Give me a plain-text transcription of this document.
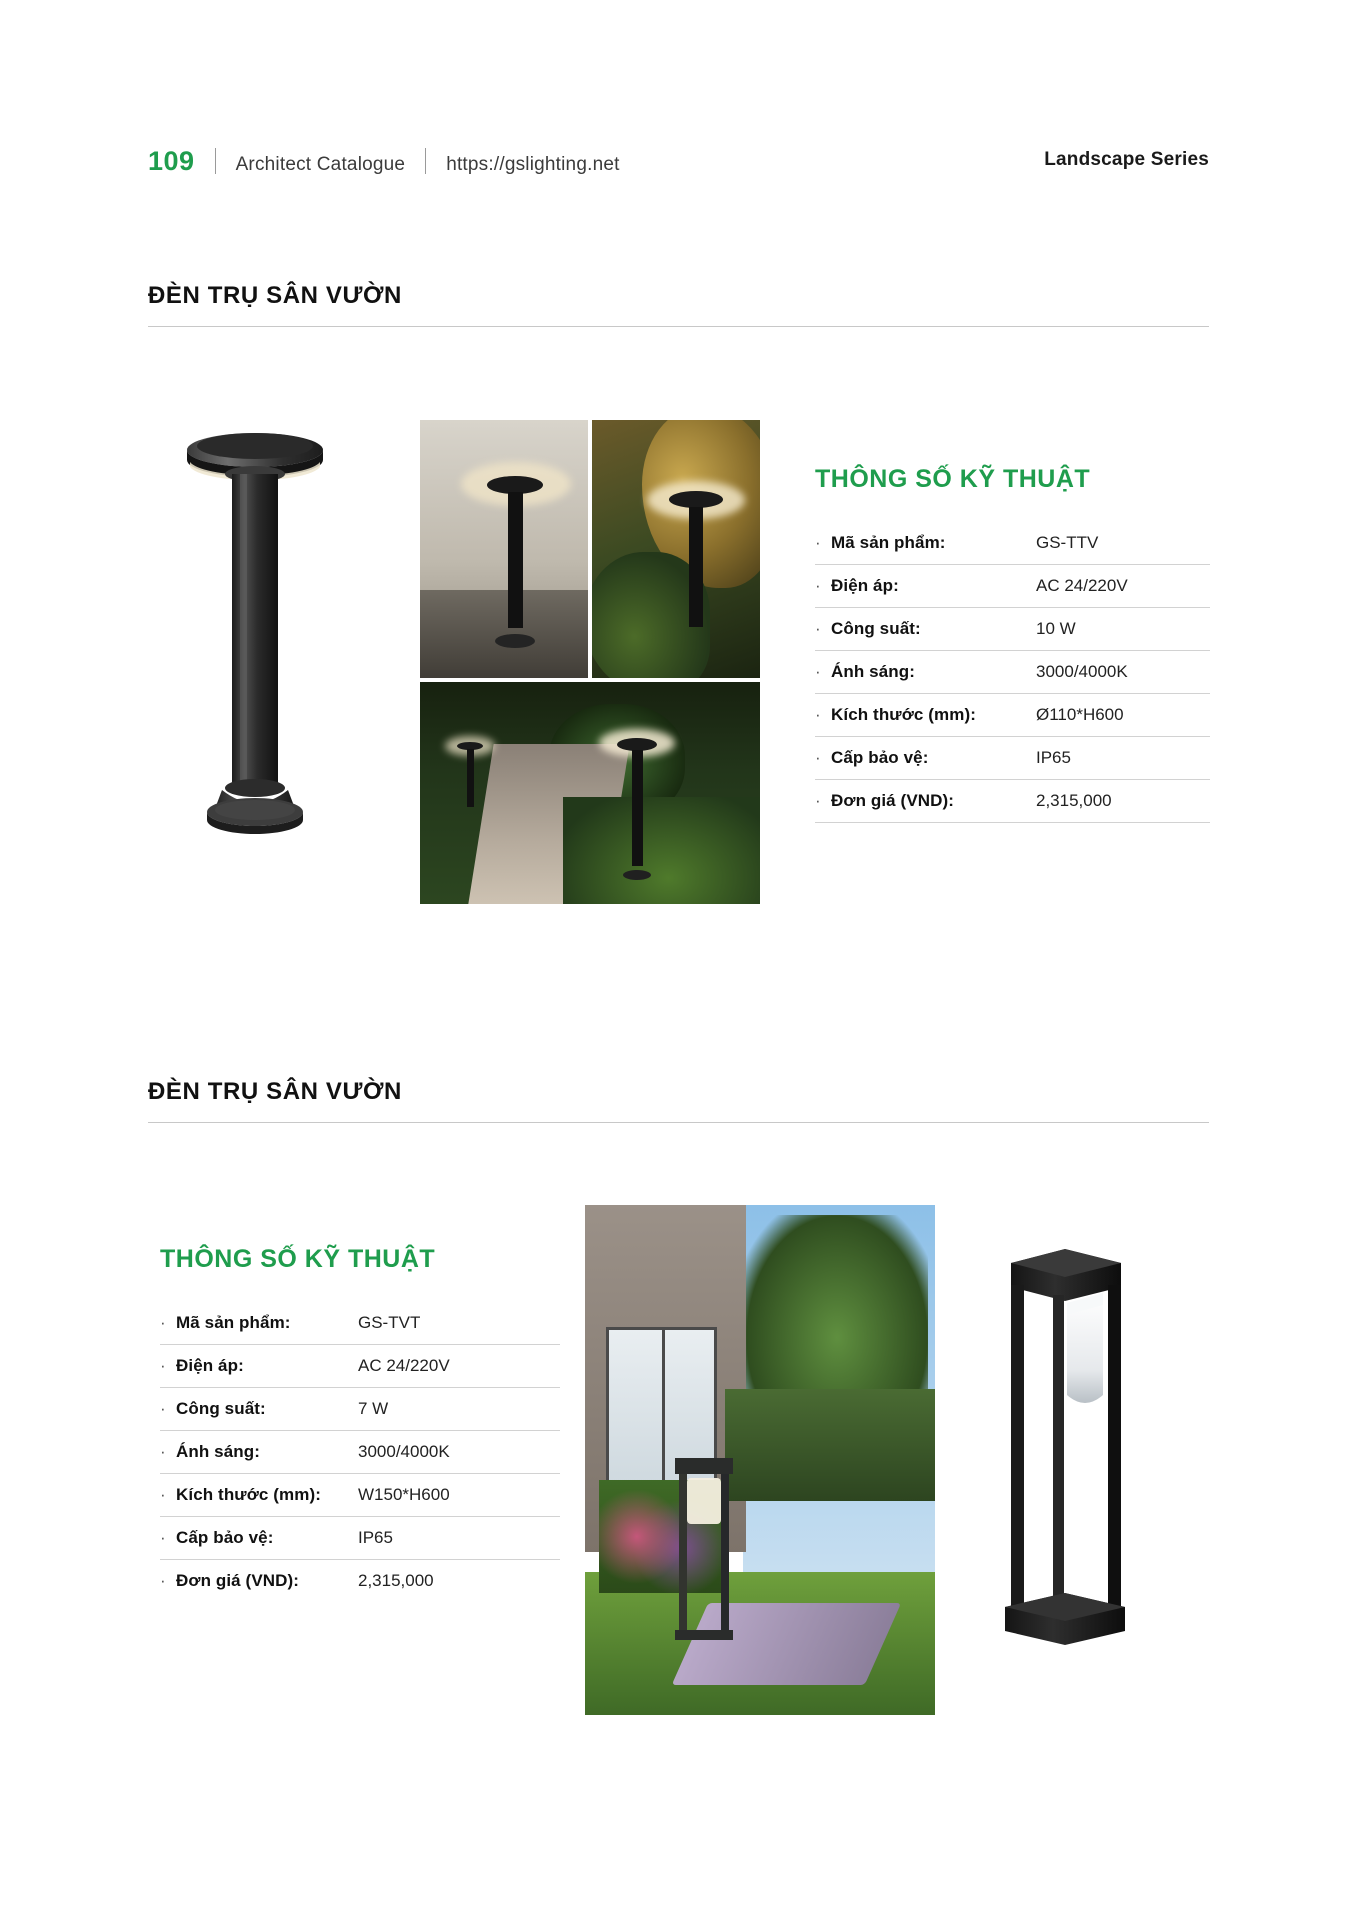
109 Architect Catalogue https://gslighting.net	Landscape Series
ĐÈN TRỤ SÂN VƯỜN
THÔNG SỐ KỸ THUẬT
· Mã sản phẩm:	GS-TTV
· Điện áp:	AC 24/220V
· Công suất:	10 W
· Ánh sáng:	3000/4000K
· Kích thước (mm):	Ø110*H600
· Cấp bảo vệ:	IP65
· Đơn giá (VND):	2,315,000
ĐÈN TRỤ SÂN VƯỜN
THÔNG SỐ KỸ THUẬT
· Mã sản phẩm:	GS-TVT
· Điện áp:	AC 24/220V
· Công suất:	7 W
· Ánh sáng:	3000/4000K
· Kích thước (mm):	W150*H600
· Cấp bảo vệ:	IP65
· Đơn giá (VND):	2,315,000
